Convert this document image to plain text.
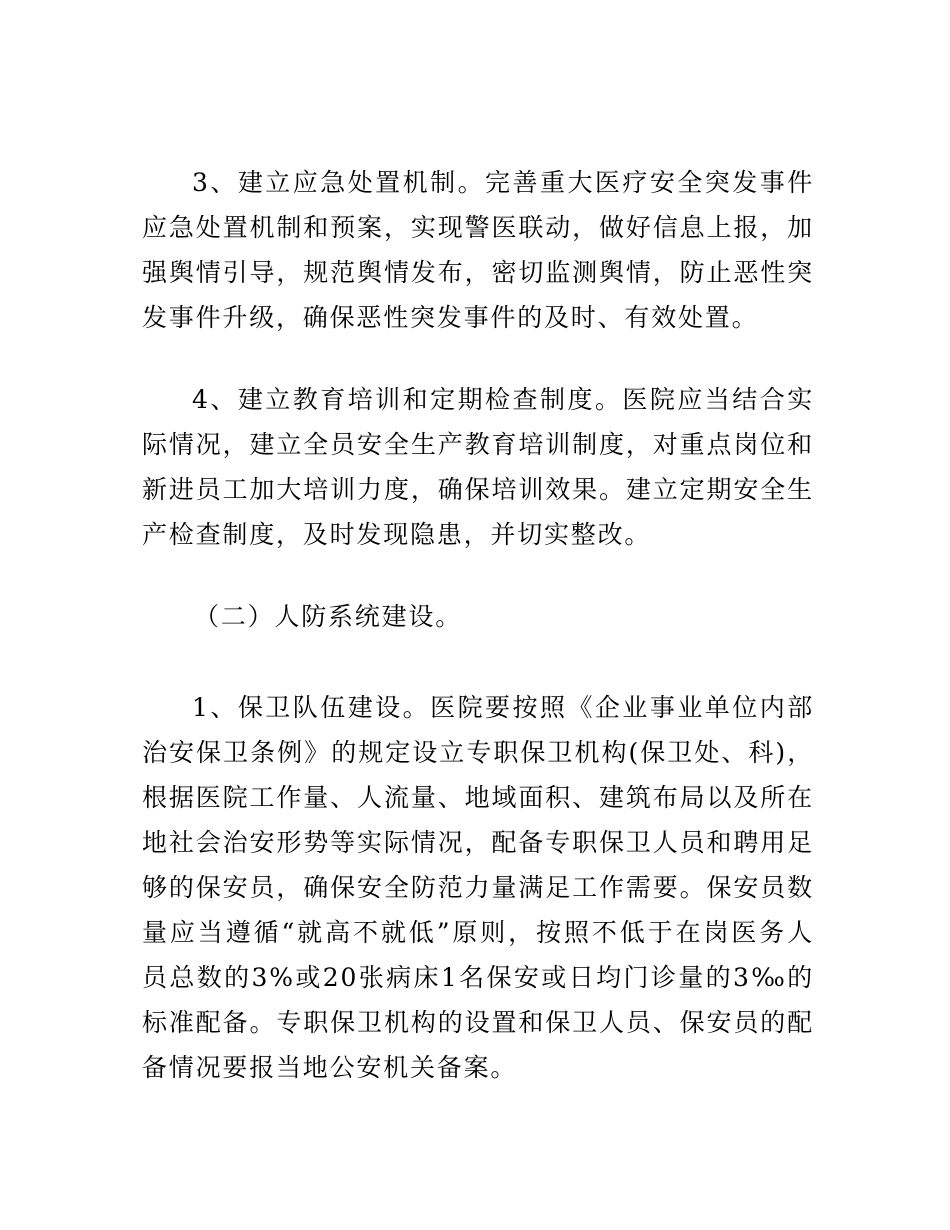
3、建立应急处置机制。完善重大医疗安全突发事件应急处置机制和预案，实现警医联动，做好信息上报，加强舆情引导，规范舆情发布，密切监测舆情，防止恶性突发事件升级，确保恶性突发事件的及时、有效处置。

4、建立教育培训和定期检查制度。医院应当结合实际情况，建立全员安全生产教育培训制度，对重点岗位和新进员工加大培训力度，确保培训效果。建立定期安全生产检查制度，及时发现隐患，并切实整改。

（二）人防系统建设。

1、保卫队伍建设。医院要按照《企业事业单位内部治安保卫条例》的规定设立专职保卫机构(保卫处、科)，根据医院工作量、人流量、地域面积、建筑布局以及所在地社会治安形势等实际情况，配备专职保卫人员和聘用足够的保安员，确保安全防范力量满足工作需要。保安员数量应当遵循“就高不就低”原则，按照不低于在岗医务人员总数的3%或20张病床1名保安或日均门诊量的3‰的标准配备。专职保卫机构的设置和保卫人员、保安员的配备情况要报当地公安机关备案。
